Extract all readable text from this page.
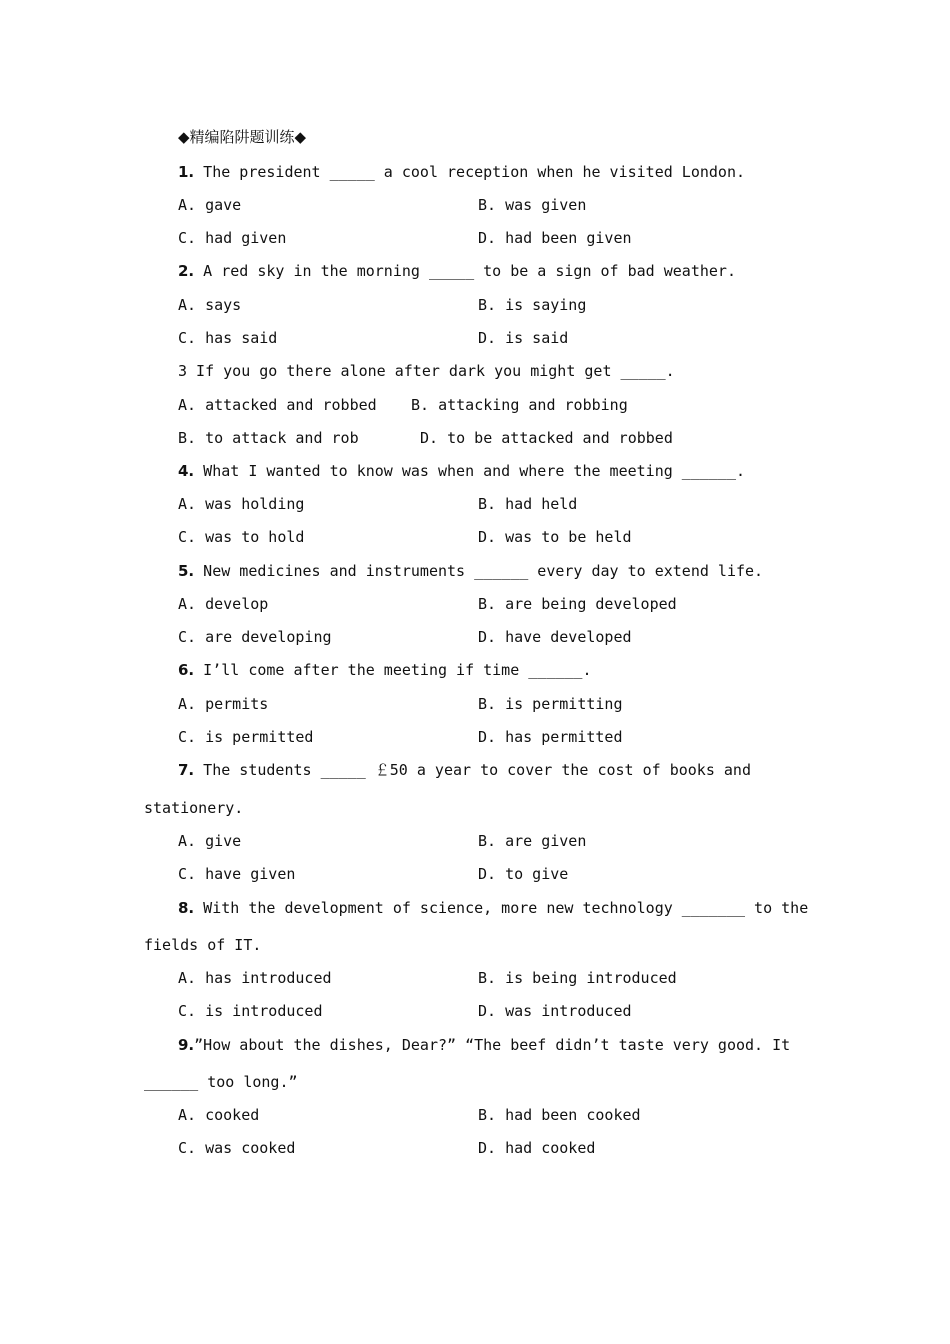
◆精编陷阱题训练◆
1. The president _____ a cool reception when he visited London.
A. gave	B. was given
C. had given	D. had been given
2. A red sky in the morning _____ to be a sign of bad weather.
A. says	B. is saying
C. has said	D. is said
3 If you go there alone after dark you might get _____.
A. attacked and robbed B. attacking and robbing
B. to attack and rob	D. to be attacked and robbed
4. What I wanted to know was when and where the meeting ______.
A. was holding	B. had held
C. was to hold	D. was to be held
5. New medicines and instruments ______ every day to extend life.
A. develop	B. are being developed
C. are developing	D. have developed
6. I’ll come after the meeting if time ______.
A. permits	B. is permitting
C. is permitted	D. has permitted
7. The students _____ ￡50 a year to cover the cost of books and
stationery.
A. give	B. are given
C. have given	D. to give
8. With the development of science, more new technology _______ to the
fields of IT.
A. has introduced	B. is being introduced
C. is introduced	D. was introduced
9.”How about the dishes, Dear?” “The beef didn’t taste very good. It
______ too long.”
A. cooked	B. had been cooked
C. was cooked	D. had cooked
